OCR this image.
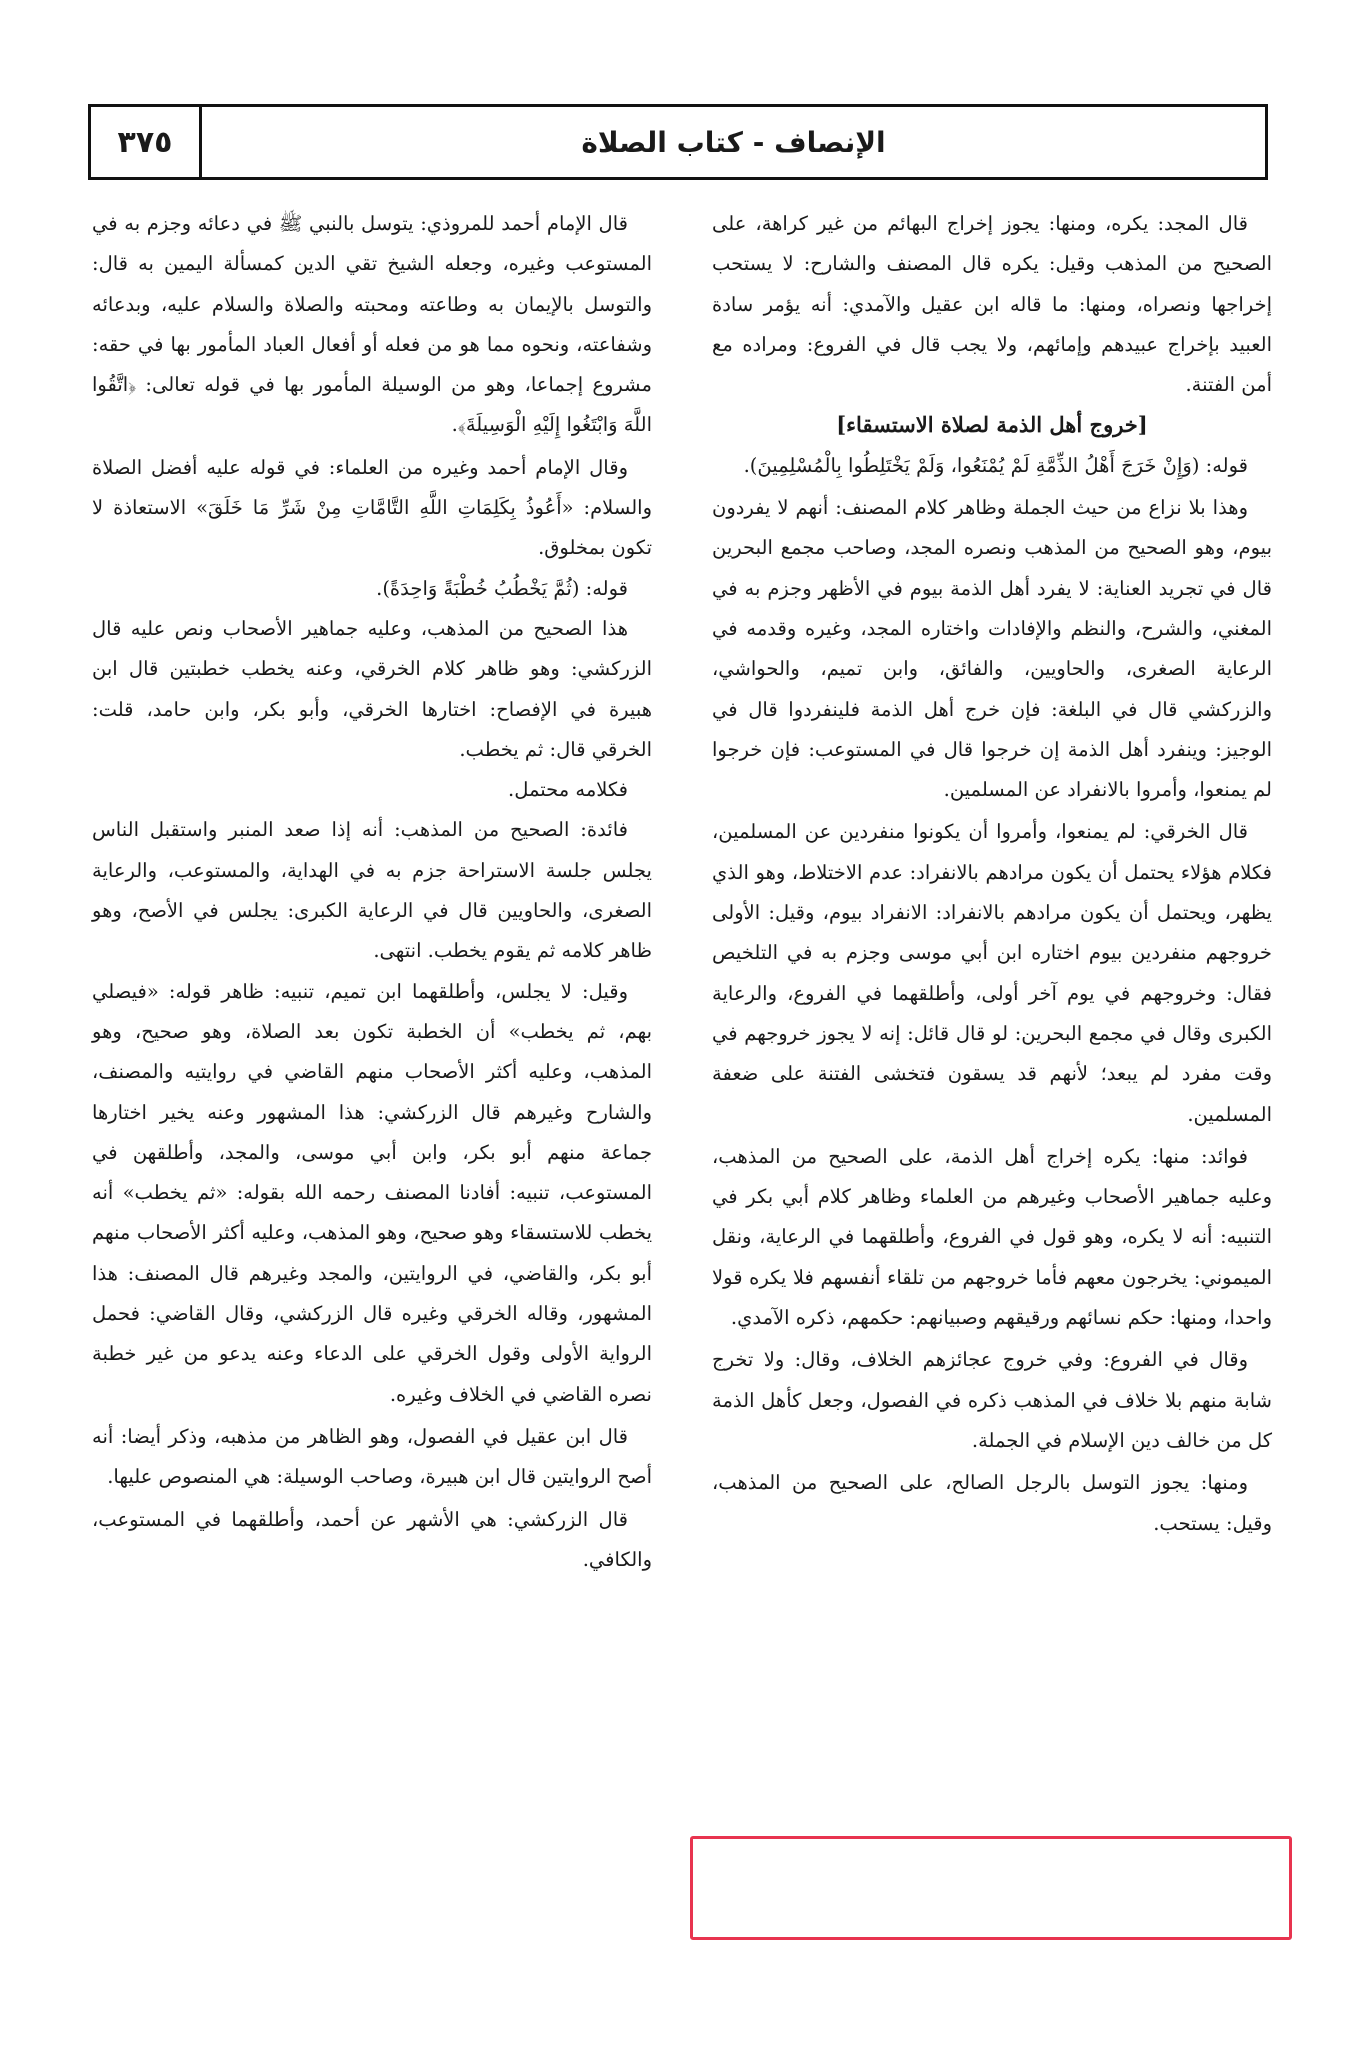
٣٧٥	الإنصاف - كتاب الصلاة

قال المجد: يكره، ومنها: يجوز إخراج البهائم من غير كراهة، على الصحيح من المذهب وقيل: يكره قال المصنف والشارح: لا يستحب إخراجها ونصراه، ومنها: ما قاله ابن عقيل والآمدي: أنه يؤمر سادة العبيد بإخراج عبيدهم وإمائهم، ولا يجب قال في الفروع: ومراده مع أمن الفتنة.

[خروج أهل الذمة لصلاة الاستسقاء]

قوله: (وَإِنْ خَرَجَ أَهْلُ الذِّمَّةِ لَمْ يُمْنَعُوا، وَلَمْ يَخْتَلِطُوا بِالْمُسْلِمِينَ).

وهذا بلا نزاع من حيث الجملة وظاهر كلام المصنف: أنهم لا يفردون بيوم، وهو الصحيح من المذهب ونصره المجد، وصاحب مجمع البحرين قال في تجريد العناية: لا يفرد أهل الذمة بيوم في الأظهر وجزم به في المغني، والشرح، والنظم والإفادات واختاره المجد، وغيره وقدمه في الرعاية الصغرى، والحاويين، والفائق، وابن تميم، والحواشي، والزركشي قال في البلغة: فإن خرج أهل الذمة فلينفردوا قال في الوجيز: وينفرد أهل الذمة إن خرجوا قال في المستوعب: فإن خرجوا لم يمنعوا، وأمروا بالانفراد عن المسلمين.

قال الخرقي: لم يمنعوا، وأمروا أن يكونوا منفردين عن المسلمين، فكلام هؤلاء يحتمل أن يكون مرادهم بالانفراد: عدم الاختلاط، وهو الذي يظهر، ويحتمل أن يكون مرادهم بالانفراد: الانفراد بيوم، وقيل: الأولى خروجهم منفردين بيوم اختاره ابن أبي موسى وجزم به في التلخيص فقال: وخروجهم في يوم آخر أولى، وأطلقهما في الفروع، والرعاية الكبرى وقال في مجمع البحرين: لو قال قائل: إنه لا يجوز خروجهم في وقت مفرد لم يبعد؛ لأنهم قد يسقون فتخشى الفتنة على ضعفة المسلمين.

فوائد: منها: يكره إخراج أهل الذمة، على الصحيح من المذهب، وعليه جماهير الأصحاب وغيرهم من العلماء وظاهر كلام أبي بكر في التنبيه: أنه لا يكره، وهو قول في الفروع، وأطلقهما في الرعاية، ونقل الميموني: يخرجون معهم فأما خروجهم من تلقاء أنفسهم فلا يكره قولا واحدا، ومنها: حكم نسائهم ورقيقهم وصبيانهم: حكمهم، ذكره الآمدي.

وقال في الفروع: وفي خروج عجائزهم الخلاف، وقال: ولا تخرج شابة منهم بلا خلاف في المذهب ذكره في الفصول، وجعل كأهل الذمة كل من خالف دين الإسلام في الجملة.

ومنها: يجوز التوسل بالرجل الصالح، على الصحيح من المذهب، وقيل: يستحب.

قال الإمام أحمد للمروذي: يتوسل بالنبي ﷺ في دعائه وجزم به في المستوعب وغيره، وجعله الشيخ تقي الدين كمسألة اليمين به قال: والتوسل بالإيمان به وطاعته ومحبته والصلاة والسلام عليه، وبدعائه وشفاعته، ونحوه مما هو من فعله أو أفعال العباد المأمور بها في حقه: مشروع إجماعا، وهو من الوسيلة المأمور بها في قوله تعالى: ﴿اتَّقُوا اللَّهَ وَابْتَغُوا إِلَيْهِ الْوَسِيلَةَ﴾.

وقال الإمام أحمد وغيره من العلماء: في قوله عليه أفضل الصلاة والسلام: «أَعُوذُ بِكَلِمَاتِ اللَّهِ التَّامَّاتِ مِنْ شَرِّ مَا خَلَقَ» الاستعاذة لا تكون بمخلوق.

قوله: (ثُمَّ يَخْطُبُ خُطْبَةً وَاحِدَةً).

هذا الصحيح من المذهب، وعليه جماهير الأصحاب ونص عليه قال الزركشي: وهو ظاهر كلام الخرقي، وعنه يخطب خطبتين قال ابن هبيرة في الإفصاح: اختارها الخرقي، وأبو بكر، وابن حامد، قلت: الخرقي قال: ثم يخطب.

فكلامه محتمل.

فائدة: الصحيح من المذهب: أنه إذا صعد المنبر واستقبل الناس يجلس جلسة الاستراحة جزم به في الهداية، والمستوعب، والرعاية الصغرى، والحاويين قال في الرعاية الكبرى: يجلس في الأصح، وهو ظاهر كلامه ثم يقوم يخطب. انتهى.

وقيل: لا يجلس، وأطلقهما ابن تميم، تنبيه: ظاهر قوله: «فيصلي بهم، ثم يخطب» أن الخطبة تكون بعد الصلاة، وهو صحيح، وهو المذهب، وعليه أكثر الأصحاب منهم القاضي في روايتيه والمصنف، والشارح وغيرهم قال الزركشي: هذا المشهور وعنه يخير اختارها جماعة منهم أبو بكر، وابن أبي موسى، والمجد، وأطلقهن في المستوعب، تنبيه: أفادنا المصنف رحمه الله بقوله: «ثم يخطب» أنه يخطب للاستسقاء وهو صحيح، وهو المذهب، وعليه أكثر الأصحاب منهم أبو بكر، والقاضي، في الروايتين، والمجد وغيرهم قال المصنف: هذا المشهور، وقاله الخرقي وغيره قال الزركشي، وقال القاضي: فحمل الرواية الأولى وقول الخرقي على الدعاء وعنه يدعو من غير خطبة نصره القاضي في الخلاف وغيره.

قال ابن عقيل في الفصول، وهو الظاهر من مذهبه، وذكر أيضا: أنه أصح الروايتين قال ابن هبيرة، وصاحب الوسيلة: هي المنصوص عليها.

قال الزركشي: هي الأشهر عن أحمد، وأطلقهما في المستوعب، والكافي.
